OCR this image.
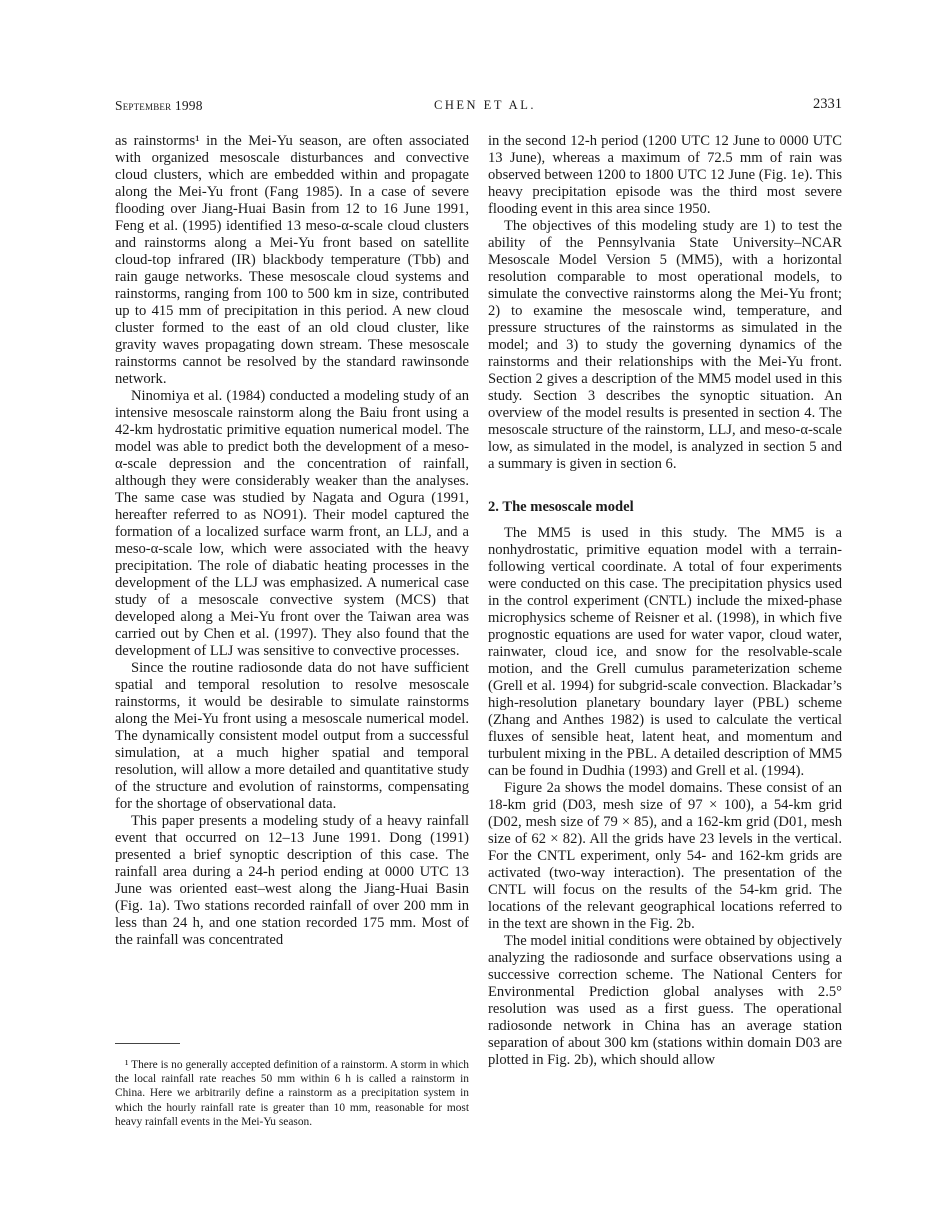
September 1998	CHEN ET AL.	2331

as rainstorms¹ in the Mei-Yu season, are often associated with organized mesoscale disturbances and convective cloud clusters, which are embedded within and propagate along the Mei-Yu front (Fang 1985). In a case of severe flooding over Jiang-Huai Basin from 12 to 16 June 1991, Feng et al. (1995) identified 13 meso-α-scale cloud clusters and rainstorms along a Mei-Yu front based on satellite cloud-top infrared (IR) blackbody temperature (Tbb) and rain gauge networks. These mesoscale cloud systems and rainstorms, ranging from 100 to 500 km in size, contributed up to 415 mm of precipitation in this period. A new cloud cluster formed to the east of an old cloud cluster, like gravity waves propagating down stream. These mesoscale rainstorms cannot be resolved by the standard rawinsonde network.

Ninomiya et al. (1984) conducted a modeling study of an intensive mesoscale rainstorm along the Baiu front using a 42-km hydrostatic primitive equation numerical model. The model was able to predict both the development of a meso-α-scale depression and the concentration of rainfall, although they were considerably weaker than the analyses. The same case was studied by Nagata and Ogura (1991, hereafter referred to as NO91). Their model captured the formation of a localized surface warm front, an LLJ, and a meso-α-scale low, which were associated with the heavy precipitation. The role of diabatic heating processes in the development of the LLJ was emphasized. A numerical case study of a mesoscale convective system (MCS) that developed along a Mei-Yu front over the Taiwan area was carried out by Chen et al. (1997). They also found that the development of LLJ was sensitive to convective processes.

Since the routine radiosonde data do not have sufficient spatial and temporal resolution to resolve mesoscale rainstorms, it would be desirable to simulate rainstorms along the Mei-Yu front using a mesoscale numerical model. The dynamically consistent model output from a successful simulation, at a much higher spatial and temporal resolution, will allow a more detailed and quantitative study of the structure and evolution of rainstorms, compensating for the shortage of observational data.

This paper presents a modeling study of a heavy rainfall event that occurred on 12–13 June 1991. Dong (1991) presented a brief synoptic description of this case. The rainfall area during a 24-h period ending at 0000 UTC 13 June was oriented east–west along the Jiang-Huai Basin (Fig. 1a). Two stations recorded rainfall of over 200 mm in less than 24 h, and one station recorded 175 mm. Most of the rainfall was concentrated

¹ There is no generally accepted definition of a rainstorm. A storm in which the local rainfall rate reaches 50 mm within 6 h is called a rainstorm in China. Here we arbitrarily define a rainstorm as a precipitation system in which the hourly rainfall rate is greater than 10 mm, reasonable for most heavy rainfall events in the Mei-Yu season.

in the second 12-h period (1200 UTC 12 June to 0000 UTC 13 June), whereas a maximum of 72.5 mm of rain was observed between 1200 to 1800 UTC 12 June (Fig. 1e). This heavy precipitation episode was the third most severe flooding event in this area since 1950.

The objectives of this modeling study are 1) to test the ability of the Pennsylvania State University–NCAR Mesoscale Model Version 5 (MM5), with a horizontal resolution comparable to most operational models, to simulate the convective rainstorms along the Mei-Yu front; 2) to examine the mesoscale wind, temperature, and pressure structures of the rainstorms as simulated in the model; and 3) to study the governing dynamics of the rainstorms and their relationships with the Mei-Yu front. Section 2 gives a description of the MM5 model used in this study. Section 3 describes the synoptic situation. An overview of the model results is presented in section 4. The mesoscale structure of the rainstorm, LLJ, and meso-α-scale low, as simulated in the model, is analyzed in section 5 and a summary is given in section 6.

2. The mesoscale model

The MM5 is used in this study. The MM5 is a nonhydrostatic, primitive equation model with a terrain-following vertical coordinate. A total of four experiments were conducted on this case. The precipitation physics used in the control experiment (CNTL) include the mixed-phase microphysics scheme of Reisner et al. (1998), in which five prognostic equations are used for water vapor, cloud water, rainwater, cloud ice, and snow for the resolvable-scale motion, and the Grell cumulus parameterization scheme (Grell et al. 1994) for subgrid-scale convection. Blackadar’s high-resolution planetary boundary layer (PBL) scheme (Zhang and Anthes 1982) is used to calculate the vertical fluxes of sensible heat, latent heat, and momentum and turbulent mixing in the PBL. A detailed description of MM5 can be found in Dudhia (1993) and Grell et al. (1994).

Figure 2a shows the model domains. These consist of an 18-km grid (D03, mesh size of 97 × 100), a 54-km grid (D02, mesh size of 79 × 85), and a 162-km grid (D01, mesh size of 62 × 82). All the grids have 23 levels in the vertical. For the CNTL experiment, only 54- and 162-km grids are activated (two-way interaction). The presentation of the CNTL will focus on the results of the 54-km grid. The locations of the relevant geographical locations referred to in the text are shown in the Fig. 2b.

The model initial conditions were obtained by objectively analyzing the radiosonde and surface observations using a successive correction scheme. The National Centers for Environmental Prediction global analyses with 2.5° resolution was used as a first guess. The operational radiosonde network in China has an average station separation of about 300 km (stations within domain D03 are plotted in Fig. 2b), which should allow
